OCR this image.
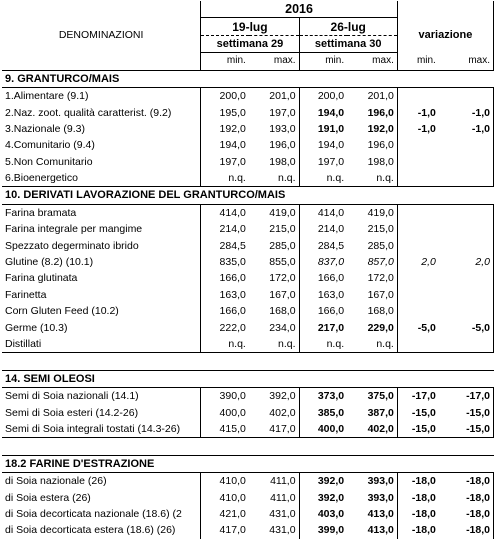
	2016					
DENOMINAZIONI	19-lug		26-lug		variazione	
	settimana 29		settimana 30			
	min.	max.	min.	max.	min.	max.
9. GRANTURCO/MAIS						
1.Alimentare (9.1)	200,0	201,0	200,0	201,0		
2.Naz. zoot. qualità caratterist. (9.2)	195,0	197,0	194,0	196,0	-1,0	-1,0
3.Nazionale (9.3)	192,0	193,0	191,0	192,0	-1,0	-1,0
4.Comunitario (9.4)	194,0	196,0	194,0	196,0		
5.Non Comunitario	197,0	198,0	197,0	198,0		
6.Bioenergetico	n.q.	n.q.	n.q.	n.q.		
10. DERIVATI LAVORAZIONE DEL GRANTURCO/MAIS						
Farina bramata	414,0	419,0	414,0	419,0		
Farina integrale per mangime	214,0	215,0	214,0	215,0		
Spezzato degerminato ibrido	284,5	285,0	284,5	285,0		
Glutine (8.2) (10.1)	835,0	855,0	837,0	857,0	2,0	2,0
Farina glutinata	166,0	172,0	166,0	172,0		
Farinetta	163,0	167,0	163,0	167,0		
Corn Gluten Feed (10.2)	166,0	168,0	166,0	168,0		
Germe (10.3)	222,0	234,0	217,0	229,0	-5,0	-5,0
Distillati	n.q.	n.q.	n.q.	n.q.		

14. SEMI OLEOSI						
Semi di Soia nazionali (14.1)	390,0	392,0	373,0	375,0	-17,0	-17,0
Semi di Soia esteri (14.2-26)	400,0	402,0	385,0	387,0	-15,0	-15,0
Semi di Soia integrali tostati (14.3-26)	415,0	417,0	400,0	402,0	-15,0	-15,0

18.2 FARINE D'ESTRAZIONE						
di Soia nazionale (26)	410,0	411,0	392,0	393,0	-18,0	-18,0
di Soia estera (26)	410,0	411,0	392,0	393,0	-18,0	-18,0
di Soia decorticata nazionale (18.6) (2	421,0	431,0	403,0	413,0	-18,0	-18,0
di Soia decorticata estera (18.6) (26)	417,0	431,0	399,0	413,0	-18,0	-18,0
